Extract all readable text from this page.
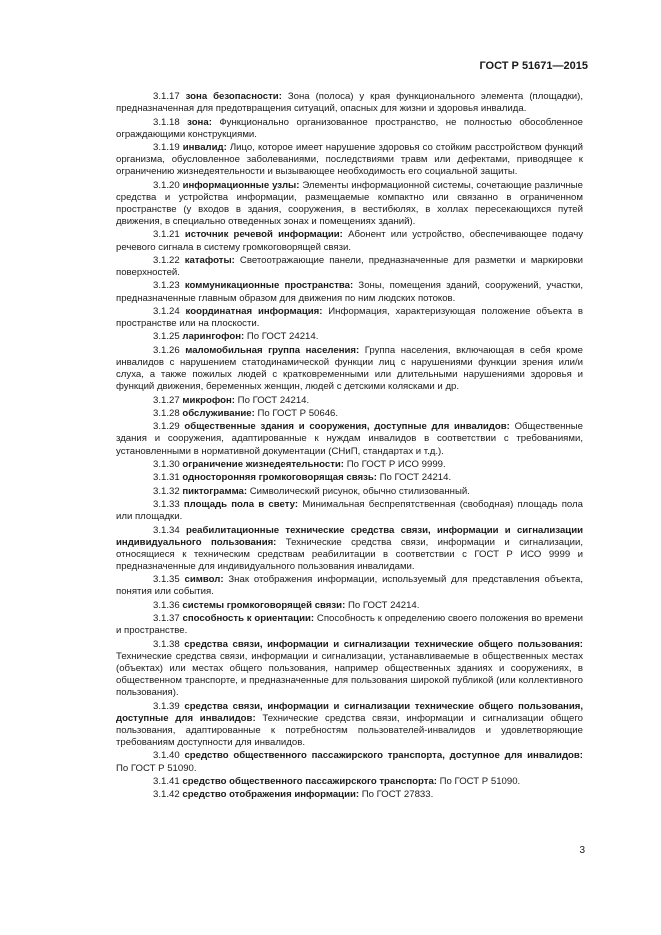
ГОСТ Р 51671—2015

3.1.17 зона безопасности: Зона (полоса) у края функционального элемента (площадки), предназначенная для предотвращения ситуаций, опасных для жизни и здоровья инвалида.

3.1.18 зона: Функционально организованное пространство, не полностью обособленное ограждающими конструкциями.

3.1.19 инвалид: Лицо, которое имеет нарушение здоровья со стойким расстройством функций организма, обусловленное заболеваниями, последствиями травм или дефектами, приводящее к ограничению жизнедеятельности и вызывающее необходимость его социальной защиты.

3.1.20 информационные узлы: Элементы информационной системы, сочетающие различные средства и устройства информации, размещаемые компактно или связанно в ограниченном пространстве (у входов в здания, сооружения, в вестибюлях, в холлах пересекающихся путей движения, в специально отведенных зонах и помещениях зданий).

3.1.21 источник речевой информации: Абонент или устройство, обеспечивающее подачу речевого сигнала в систему громкоговорящей связи.

3.1.22 катафоты: Светоотражающие панели, предназначенные для разметки и маркировки поверхностей.

3.1.23 коммуникационные пространства: Зоны, помещения зданий, сооружений, участки, предназначенные главным образом для движения по ним людских потоков.

3.1.24 координатная информация: Информация, характеризующая положение объекта в пространстве или на плоскости.

3.1.25 ларингофон: По ГОСТ 24214.

3.1.26 маломобильная группа населения: Группа населения, включающая в себя кроме инвалидов с нарушением статодинамической функции лиц с нарушениями функции зрения или/и слуха, а также пожилых людей с кратковременными или длительными нарушениями здоровья и функций движения, беременных женщин, людей с детскими колясками и др.

3.1.27 микрофон: По ГОСТ 24214.

3.1.28 обслуживание: По ГОСТ Р 50646.

3.1.29 общественные здания и сооружения, доступные для инвалидов: Общественные здания и сооружения, адаптированные к нуждам инвалидов в соответствии с требованиями, установленными в нормативной документации (СНиП, стандартах и т.д.).

3.1.30 ограничение жизнедеятельности: По ГОСТ Р ИСО 9999.

3.1.31 односторонняя громкоговорящая связь: По ГОСТ 24214.

3.1.32 пиктограмма: Символический рисунок, обычно стилизованный.

3.1.33 площадь пола в свету: Минимальная беспрепятственная (свободная) площадь пола или площадки.

3.1.34 реабилитационные технические средства связи, информации и сигнализации индивидуального пользования: Технические средства связи, информации и сигнализации, относящиеся к техническим средствам реабилитации в соответствии с ГОСТ Р ИСО 9999 и предназначенные для индивидуального пользования инвалидами.

3.1.35 символ: Знак отображения информации, используемый для представления объекта, понятия или события.

3.1.36 системы громкоговорящей связи: По ГОСТ 24214.

3.1.37 способность к ориентации: Способность к определению своего положения во времени и пространстве.

3.1.38 средства связи, информации и сигнализации технические общего пользования: Технические средства связи, информации и сигнализации, устанавливаемые в общественных местах (объектах) или местах общего пользования, например общественных зданиях и сооружениях, в общественном транспорте, и предназначенные для пользования широкой публикой (или коллективного пользования).

3.1.39 средства связи, информации и сигнализации технические общего пользования, доступные для инвалидов: Технические средства связи, информации и сигнализации общего пользования, адаптированные к потребностям пользователей-инвалидов и удовлетворяющие требованиям доступности для инвалидов.

3.1.40 средство общественного пассажирского транспорта, доступное для инвалидов: По ГОСТ Р 51090.

3.1.41 средство общественного пассажирского транспорта: По ГОСТ Р 51090.

3.1.42 средство отображения информации: По ГОСТ 27833.

3
